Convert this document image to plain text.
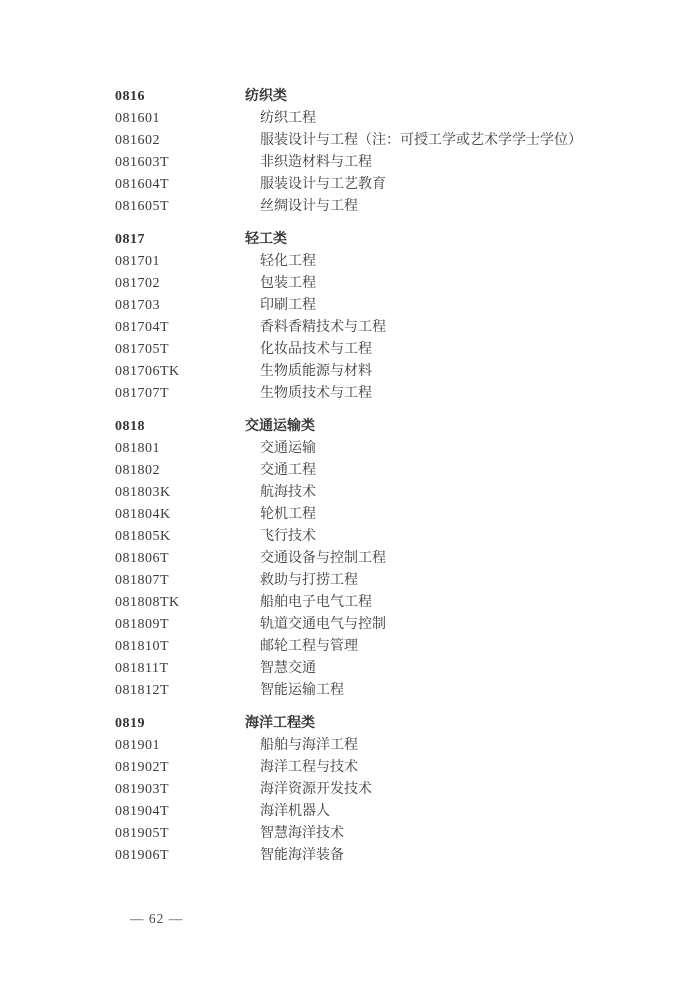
0816	纺织类
081601	纺织工程
081602	服装设计与工程（注：可授工学或艺术学学士学位）
081603T	非织造材料与工程
081604T	服装设计与工艺教育
081605T	丝绸设计与工程
0817	轻工类
081701	轻化工程
081702	包装工程
081703	印刷工程
081704T	香料香精技术与工程
081705T	化妆品技术与工程
081706TK	生物质能源与材料
081707T	生物质技术与工程
0818	交通运输类
081801	交通运输
081802	交通工程
081803K	航海技术
081804K	轮机工程
081805K	飞行技术
081806T	交通设备与控制工程
081807T	救助与打捞工程
081808TK	船舶电子电气工程
081809T	轨道交通电气与控制
081810T	邮轮工程与管理
081811T	智慧交通
081812T	智能运输工程
0819	海洋工程类
081901	船舶与海洋工程
081902T	海洋工程与技术
081903T	海洋资源开发技术
081904T	海洋机器人
081905T	智慧海洋技术
081906T	智能海洋装备
— 62 —
